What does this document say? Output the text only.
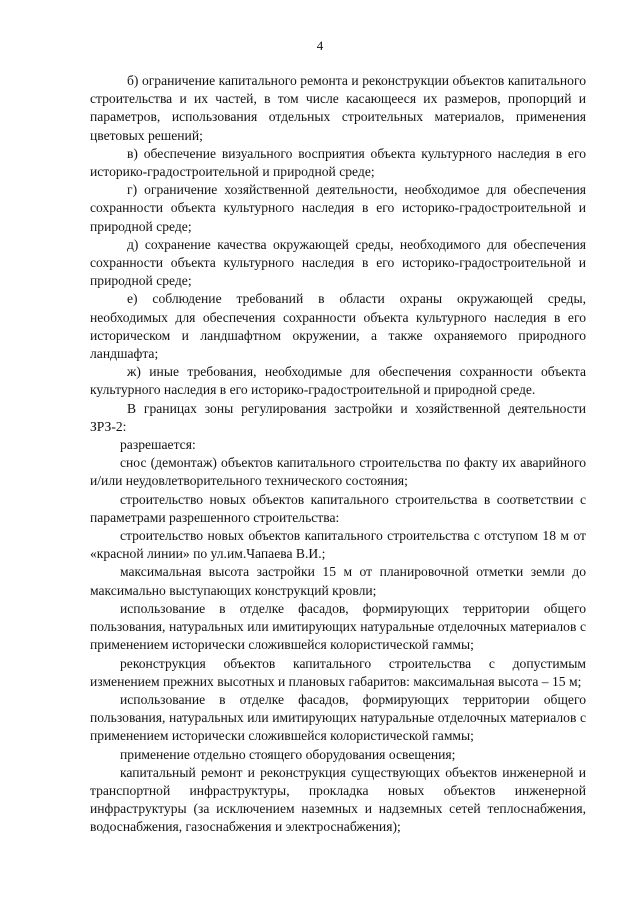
4

б) ограничение капитального ремонта и реконструкции объектов капитального строительства и их частей, в том числе касающееся их размеров, пропорций и параметров, использования отдельных строительных материалов, применения цветовых решений;

в) обеспечение визуального восприятия объекта культурного наследия в его историко-градостроительной и природной среде;

г) ограничение хозяйственной деятельности, необходимое для обеспечения сохранности объекта культурного наследия в его историко-градостроительной и природной среде;

д) сохранение качества окружающей среды, необходимого для обеспечения сохранности объекта культурного наследия в его историко-градостроительной и природной среде;

е) соблюдение требований в области охраны окружающей среды, необходимых для обеспечения сохранности объекта культурного наследия в его историческом и ландшафтном окружении, а также охраняемого природного ландшафта;

ж) иные требования, необходимые для обеспечения сохранности объекта культурного наследия в его историко-градостроительной и природной среде.

В границах зоны регулирования застройки и хозяйственной деятельности ЗРЗ-2:

разрешается:

снос (демонтаж) объектов капитального строительства по факту их аварийного и/или неудовлетворительного технического состояния;

строительство новых объектов капитального строительства в соответствии с параметрами разрешенного строительства:

строительство новых объектов капитального строительства с отступом 18 м от «красной линии» по ул.им.Чапаева В.И.;

максимальная высота застройки 15 м от планировочной отметки земли до максимально выступающих конструкций кровли;

использование в отделке фасадов, формирующих территории общего пользования, натуральных или имитирующих натуральные отделочных материалов с применением исторически сложившейся колористической гаммы;

реконструкция объектов капитального строительства с допустимым изменением прежних высотных и плановых габаритов: максимальная высота – 15 м;

использование в отделке фасадов, формирующих территории общего пользования, натуральных или имитирующих натуральные отделочных материалов с применением исторически сложившейся колористической гаммы;

применение отдельно стоящего оборудования освещения;

капитальный ремонт и реконструкция существующих объектов инженерной и транспортной инфраструктуры, прокладка новых объектов инженерной инфраструктуры (за исключением наземных и надземных сетей теплоснабжения, водоснабжения, газоснабжения и электроснабжения);
